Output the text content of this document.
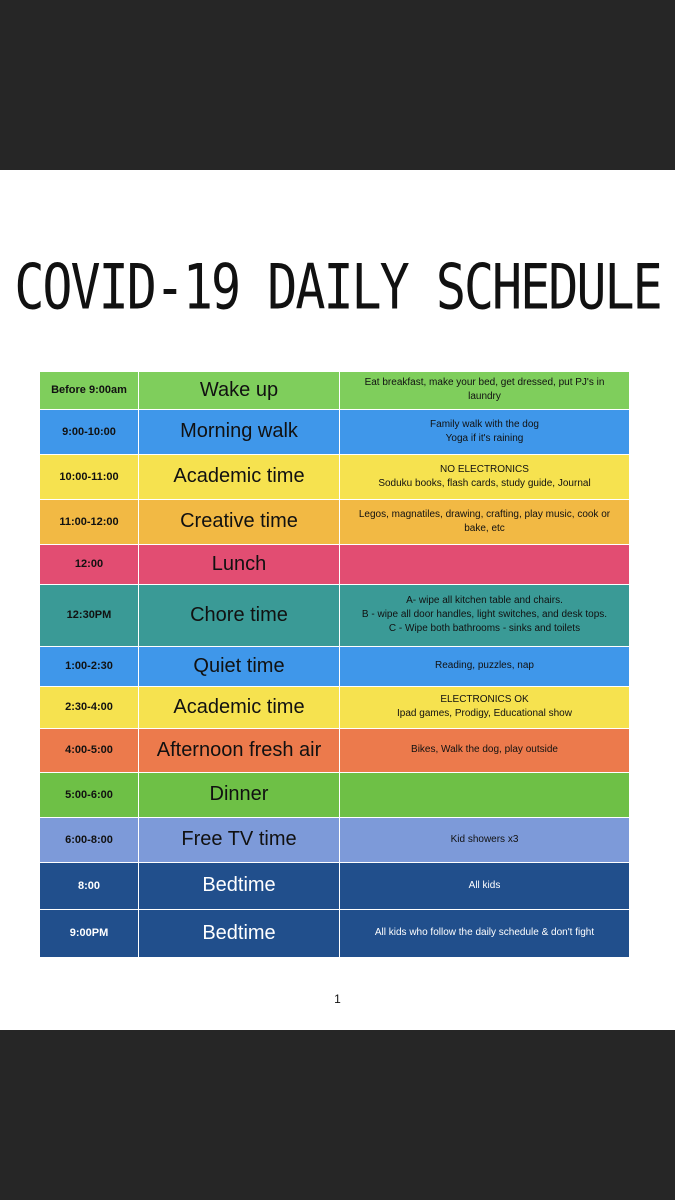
COVID-19 DAILY SCHEDULE
Before 9:00am	Wake up	Eat breakfast, make your bed, get dressed, put PJ's in
laundry

9:00-10:00	Morning walk	Family walk with the dog
Yoga if it's raining

10:00-11:00	Academic time	NO ELECTRONICS
Soduku books, flash cards, study guide, Journal

11:00-12:00	Creative time	Legos, magnatiles, drawing, crafting, play music, cook or
bake, etc

12:00	Lunch	

12:30PM	Chore time	A- wipe all kitchen table and chairs.
B - wipe all door handles, light switches, and desk tops.
C - Wipe both bathrooms - sinks and toilets

1:00-2:30	Quiet time	Reading, puzzles, nap

2:30-4:00	Academic time	ELECTRONICS OK
Ipad games, Prodigy, Educational show

4:00-5:00	Afternoon fresh air	Bikes, Walk the dog, play outside

5:00-6:00	Dinner	

6:00-8:00	Free TV time	Kid showers x3

8:00	Bedtime	All kids

9:00PM	Bedtime	All kids who follow the daily schedule & don't fight
1
